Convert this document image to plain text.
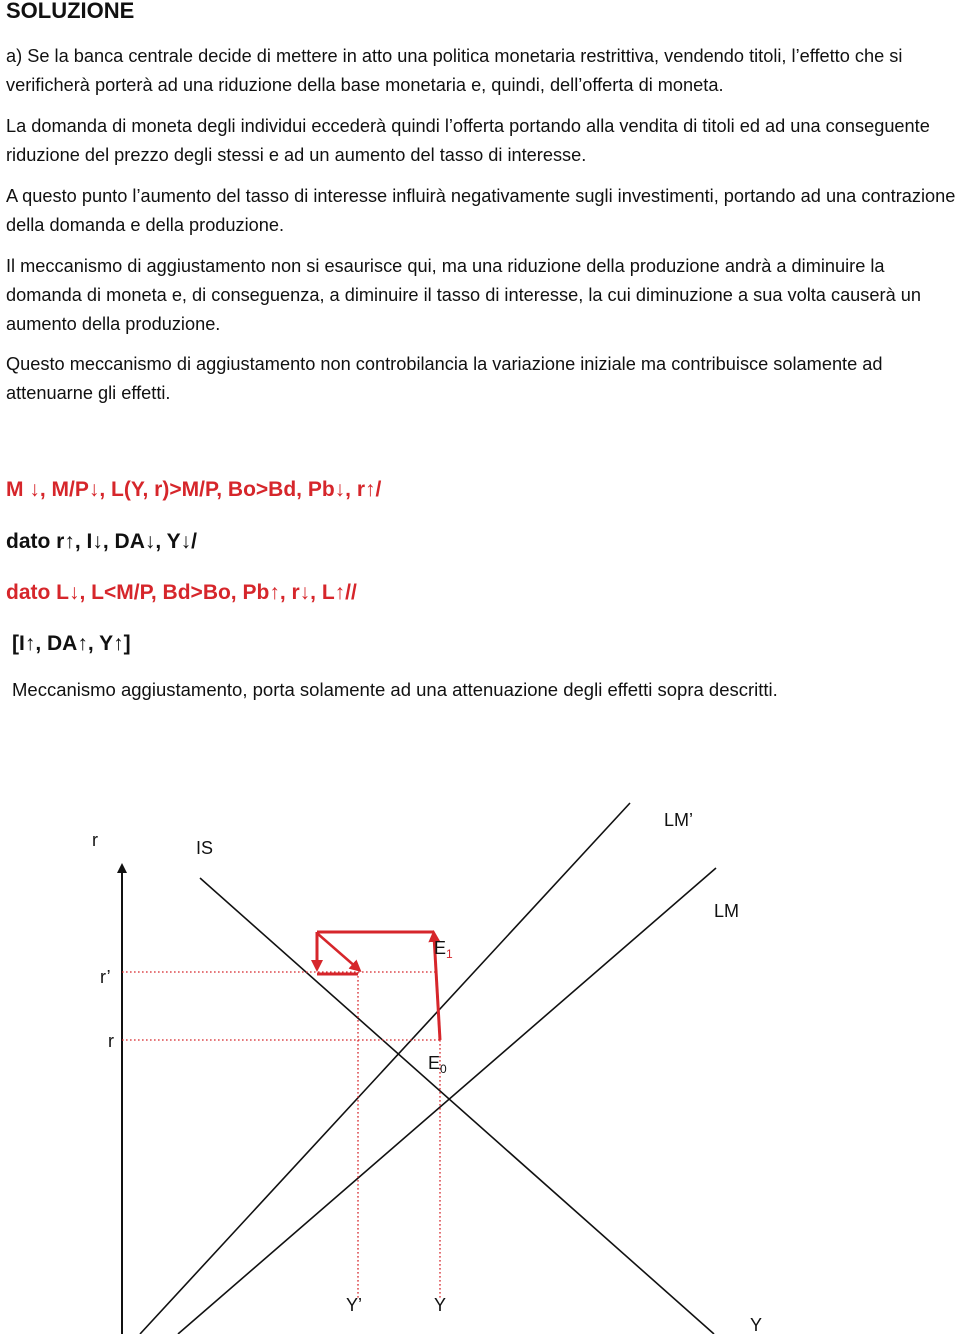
SOLUZIONE
a) Se la banca centrale decide di mettere in atto una politica monetaria restrittiva, vendendo titoli, l’effetto che si verificherà porterà ad una riduzione della base monetaria e, quindi, dell’offerta di moneta.
La domanda di moneta degli individui eccederà quindi l’offerta portando alla vendita di titoli ed ad una conseguente riduzione del prezzo degli stessi e ad un aumento del tasso di interesse.
A questo punto l’aumento del tasso di interesse influirà negativamente sugli investimenti, portando ad una contrazione della domanda e della produzione.
Il meccanismo di aggiustamento non si esaurisce qui, ma una riduzione della produzione andrà a diminuire la domanda di moneta e, di conseguenza, a diminuire il tasso di interesse, la cui diminuzione a sua volta causerà un aumento della produzione.
Questo meccanismo di aggiustamento non controbilancia la variazione iniziale ma contribuisce solamente ad attenuarne gli effetti.
M ↓, M/P↓, L(Y, r)>M/P, Bo>Bd, Pb↓, r↑/
dato r↑, I↓, DA↓, Y↓/
dato L↓, L<M/P, Bd>Bo, Pb↑, r↓, L↑//
[I↑, DA↑, Y↑]
Meccanismo aggiustamento, porta solamente ad una attenuazione degli effetti sopra descritti.
r	IS
LM’
LM
r’
r
$E_1$
$E_0$
Y’	Y
Y
